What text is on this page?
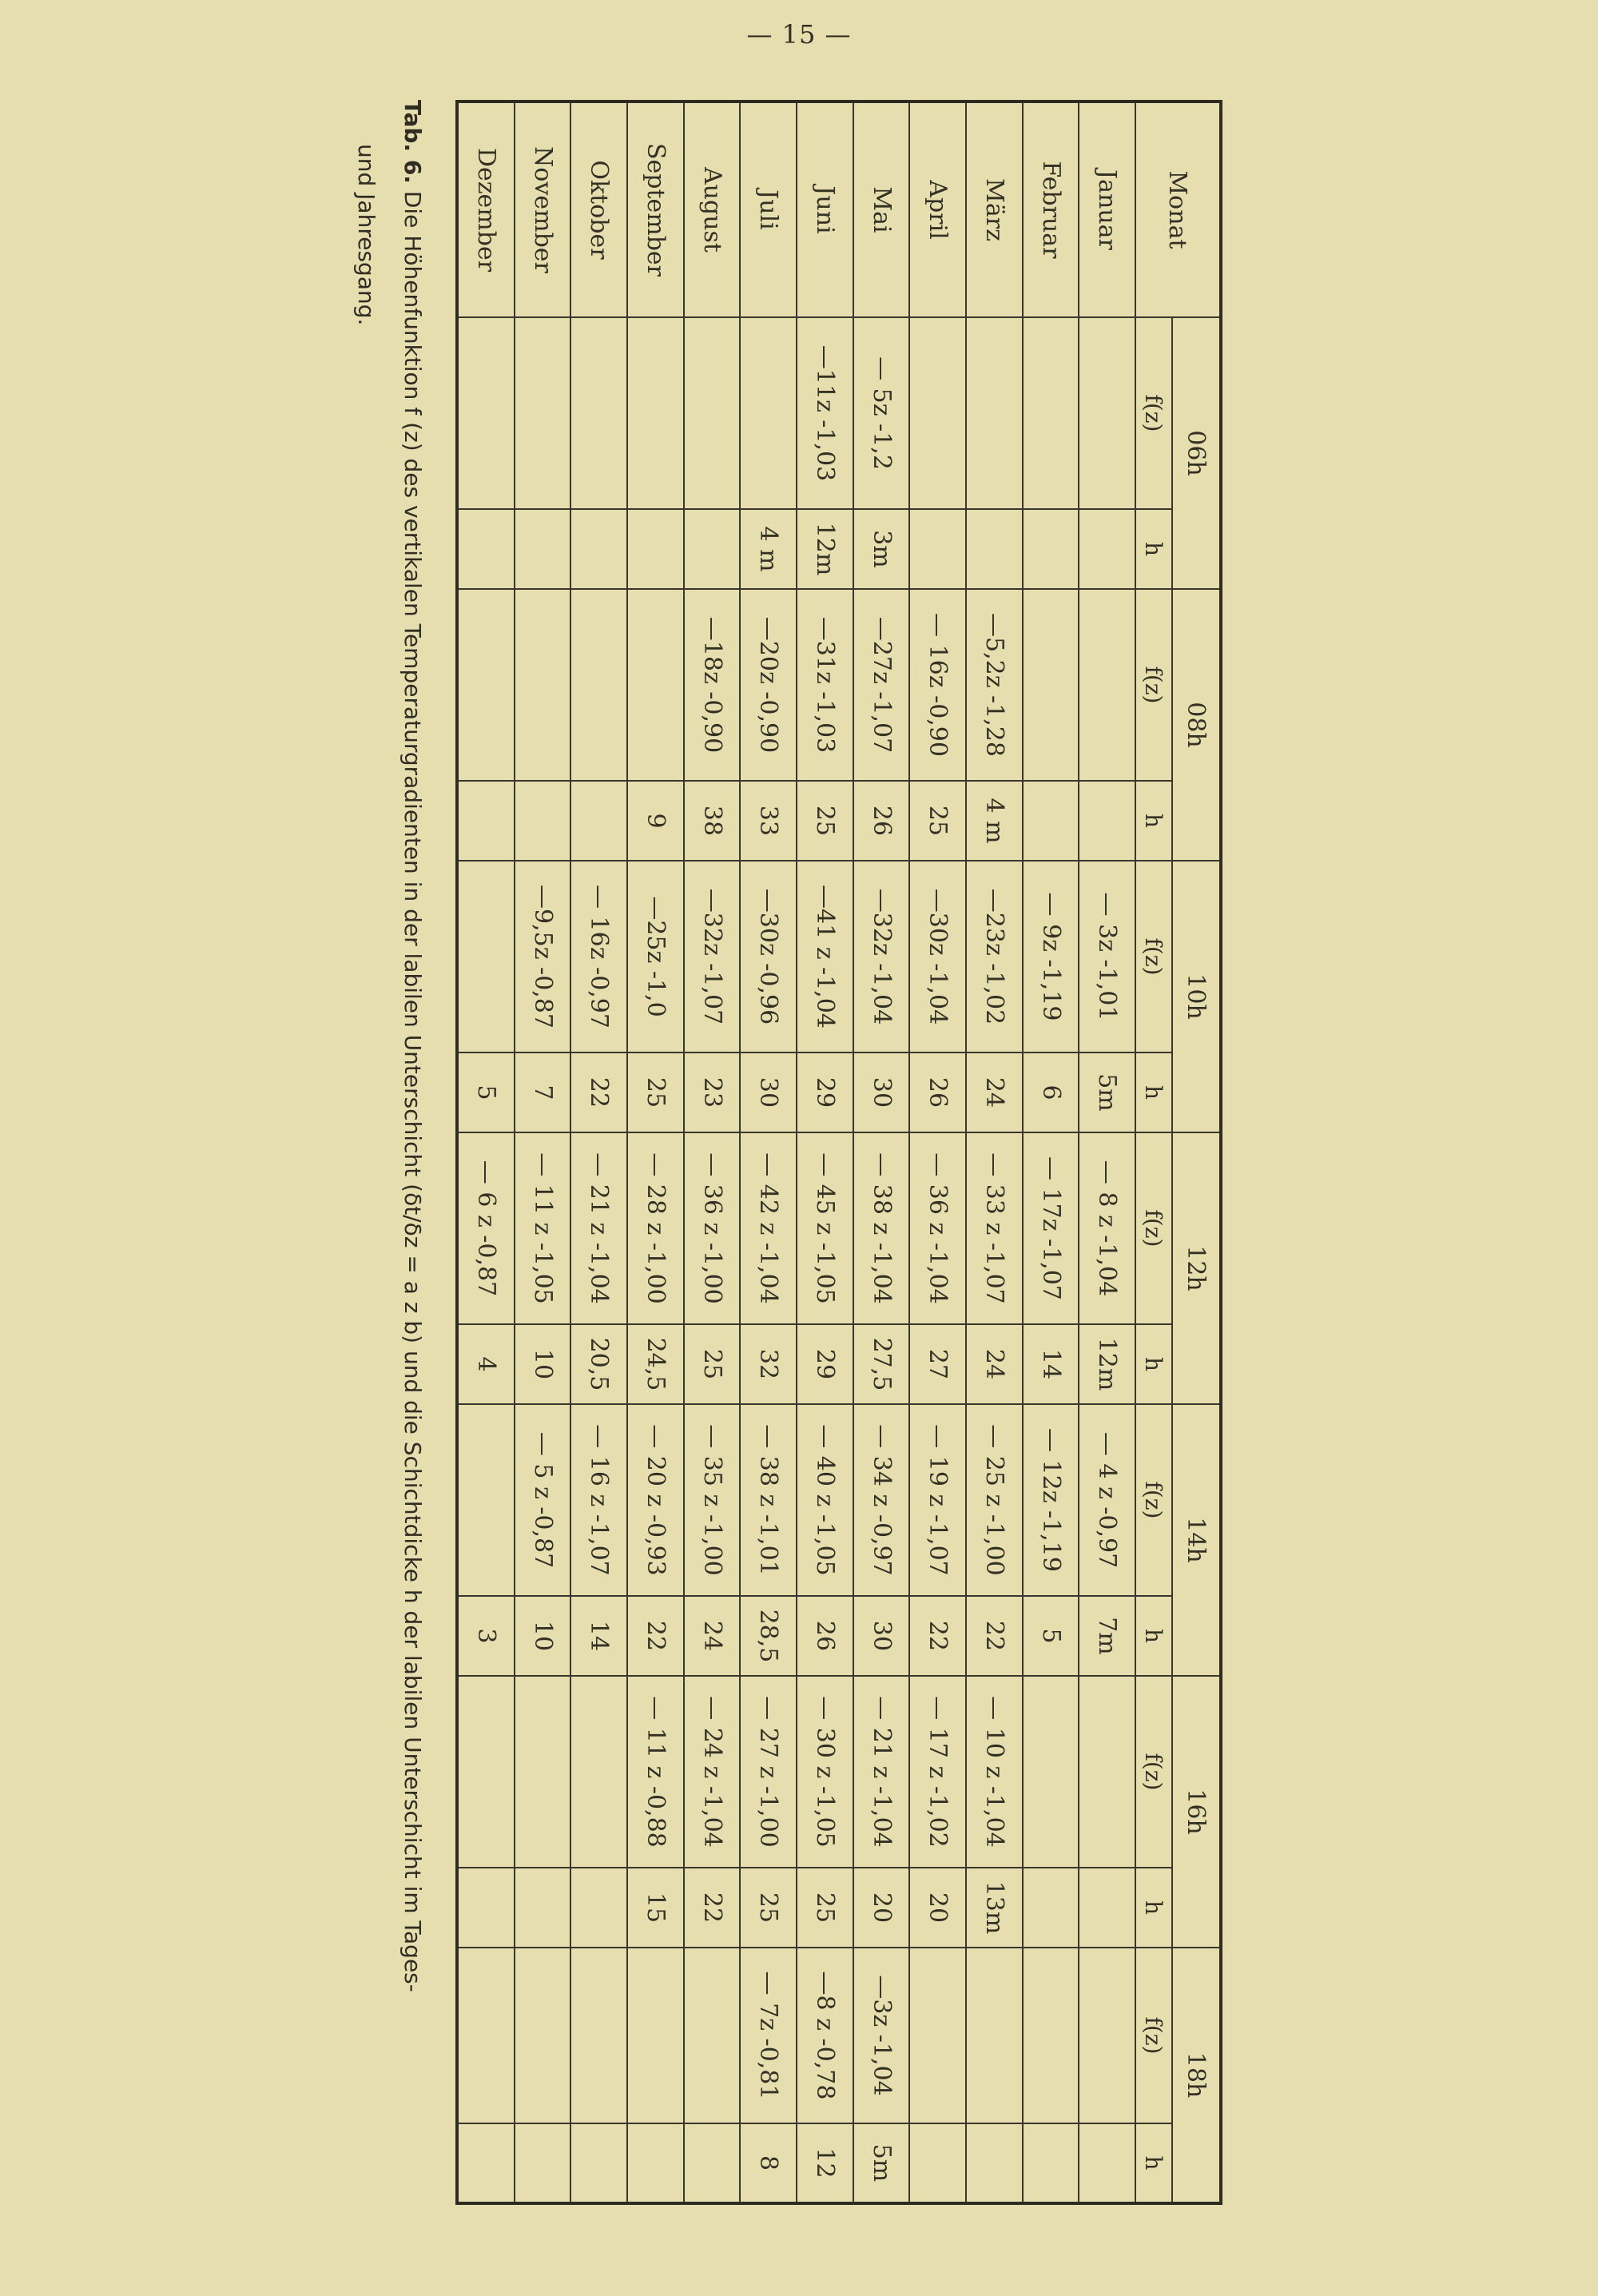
— 15 —
Monat	06h		08h		10h		12h		14h		16h		18h	
	f(z)	h	f(z)	h	f(z)	h	f(z)	h	f(z)	h	f(z)	h	f(z)	h
Januar					— 3z -1,01	5m	— 8 z -1,04	12m	— 4 z -0,97	7m				
Februar					— 9z -1,19	6	— 17z -1,07	14	— 12z -1,19	5				
März			—5,2z -1,28	4 m	—23z -1,02	24	— 33 z -1,07	24	— 25 z -1,00	22	— 10 z -1,04	13m		
April			— 16z -0,90	25	—30z -1,04	26	— 36 z -1,04	27	— 19 z -1,07	22	— 17 z -1,02	20		
Mai	— 5z -1,2	3m	—27z -1,07	26	—32z -1,04	30	— 38 z -1,04	27,5	— 34 z -0,97	30	— 21 z -1,04	20	—3z -1,04	5m
Juni	—11z -1,03	12m	—31z -1,03	25	—41 z -1,04	29	— 45 z -1,05	29	— 40 z -1,05	26	— 30 z -1,05	25	—8 z -0,78	12
Juli		4 m	—20z -0,90	33	—30z -0,96	30	— 42 z -1,04	32	— 38 z -1,01	28,5	— 27 z -1,00	25	— 7z -0,81	8
August			—18z -0,90	38	—32z -1,07	23	— 36 z -1,00	25	— 35 z -1,00	24	— 24 z -1,04	22		
September				9	—25z -1,0	25	— 28 z -1,00	24,5	— 20 z -0,93	22	— 11 z -0,88	15		
Oktober					— 16z -0,97	22	— 21 z -1,04	20,5	— 16 z -1,07	14				
November					—9,5z -0,87	7	— 11 z -1,05	10	— 5 z -0,87	10				
Dezember						5	— 6 z -0,87	4		3				
Tab. 6. Die Höhenfunktion f (z) des vertikalen Temperaturgradienten in der labilen Unterschicht (δt/δz = a z b) und die Schichtdicke h der labilen Unterschicht im Tages-
und Jahresgang.
